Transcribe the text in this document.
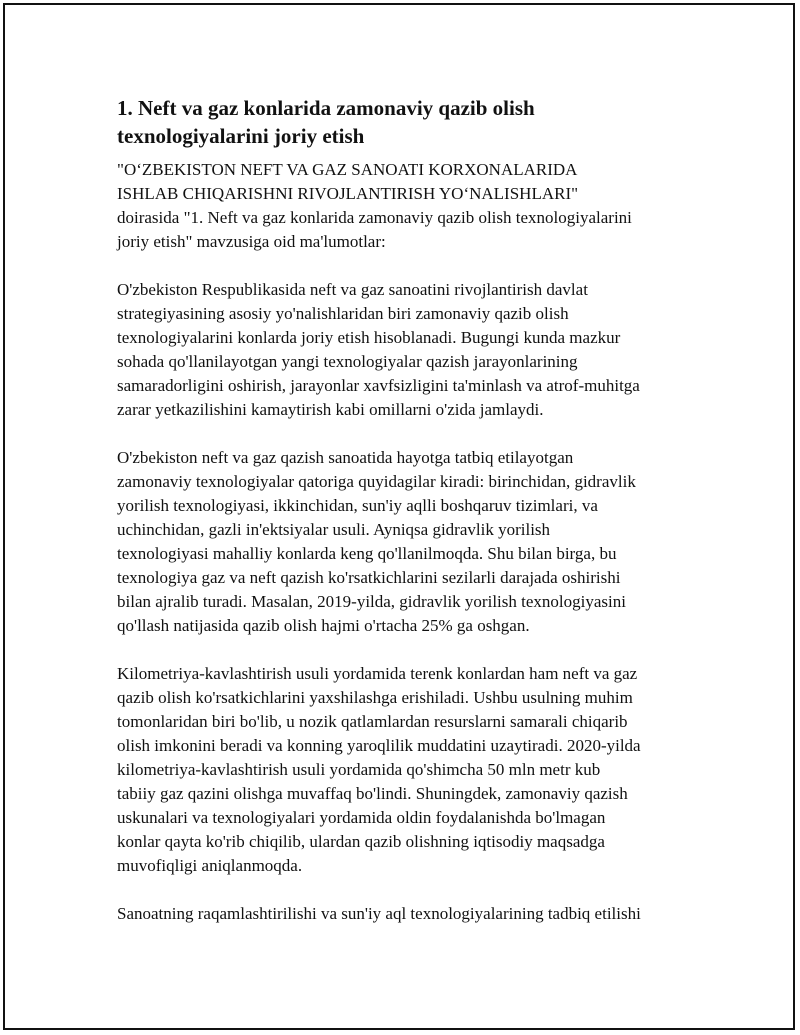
1. Neft va gaz konlarida zamonaviy qazib olish
texnologiyalarini joriy etish

"O‘ZBEKISTON NEFT VA GAZ SANOATI KORXONALARIDA
ISHLAB CHIQARISHNI RIVOJLANTIRISH YO‘NALISHLARI"
doirasida "1. Neft va gaz konlarida zamonaviy qazib olish texnologiyalarini
joriy etish" mavzusiga oid ma'lumotlar:

O'zbekiston Respublikasida neft va gaz sanoatini rivojlantirish davlat
strategiyasining asosiy yo'nalishlaridan biri zamonaviy qazib olish
texnologiyalarini konlarda joriy etish hisoblanadi. Bugungi kunda mazkur
sohada qo'llanilayotgan yangi texnologiyalar qazish jarayonlarining
samaradorligini oshirish, jarayonlar xavfsizligini ta'minlash va atrof-muhitga
zarar yetkazilishini kamaytirish kabi omillarni o'zida jamlaydi.

O'zbekiston neft va gaz qazish sanoatida hayotga tatbiq etilayotgan
zamonaviy texnologiyalar qatoriga quyidagilar kiradi: birinchidan, gidravlik
yorilish texnologiyasi, ikkinchidan, sun'iy aqlli boshqaruv tizimlari, va
uchinchidan, gazli in'ektsiyalar usuli. Ayniqsa gidravlik yorilish
texnologiyasi mahalliy konlarda keng qo'llanilmoqda. Shu bilan birga, bu
texnologiya gaz va neft qazish ko'rsatkichlarini sezilarli darajada oshirishi
bilan ajralib turadi. Masalan, 2019-yilda, gidravlik yorilish texnologiyasini
qo'llash natijasida qazib olish hajmi o'rtacha 25% ga oshgan.

Kilometriya-kavlashtirish usuli yordamida terenk konlardan ham neft va gaz
qazib olish ko'rsatkichlarini yaxshilashga erishiladi. Ushbu usulning muhim
tomonlaridan biri bo'lib, u nozik qatlamlardan resurslarni samarali chiqarib
olish imkonini beradi va konning yaroqlilik muddatini uzaytiradi. 2020-yilda
kilometriya-kavlashtirish usuli yordamida qo'shimcha 50 mln metr kub
tabiiy gaz qazini olishga muvaffaq bo'lindi. Shuningdek, zamonaviy qazish
uskunalari va texnologiyalari yordamida oldin foydalanishda bo'lmagan
konlar qayta ko'rib chiqilib, ulardan qazib olishning iqtisodiy maqsadga
muvofiqligi aniqlanmoqda.

Sanoatning raqamlashtirilishi va sun'iy aql texnologiyalarining tadbiq etilishi
